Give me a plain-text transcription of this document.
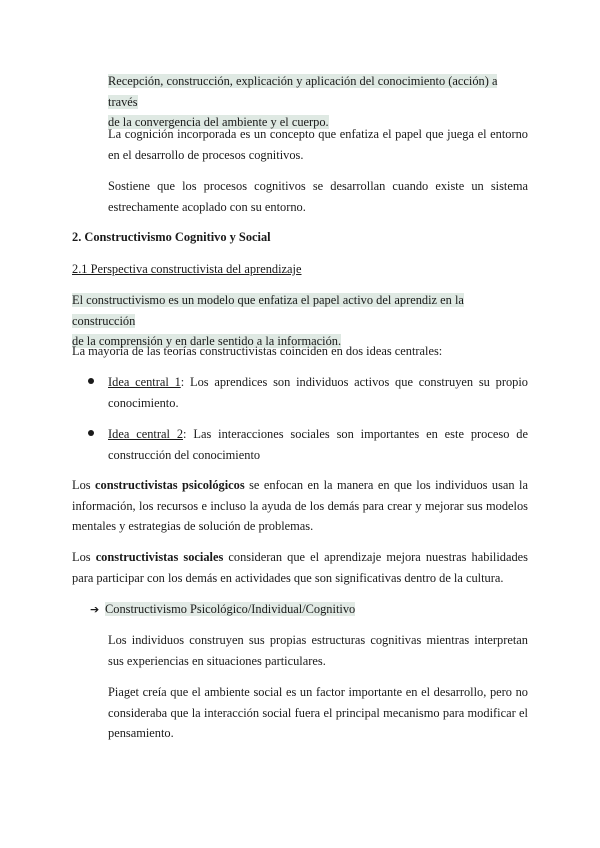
Recepción, construcción, explicación y aplicación del conocimiento (acción) a través
de la convergencia del ambiente y el cuerpo.

La cognición incorporada es un concepto que enfatiza el papel que juega el entorno en el desarrollo de procesos cognitivos.

Sostiene que los procesos cognitivos se desarrollan cuando existe un sistema estrechamente acoplado con su entorno.

2. Constructivismo Cognitivo y Social

2.1 Perspectiva constructivista del aprendizaje

El constructivismo es un modelo que enfatiza el papel activo del aprendiz en la construcción
de la comprensión y en darle sentido a la información.

La mayoría de las teorías constructivistas coinciden en dos ideas centrales:

Idea central 1: Los aprendices son individuos activos que construyen su propio conocimiento.

Idea central 2: Las interacciones sociales son importantes en este proceso de construcción del conocimiento

Los constructivistas psicológicos se enfocan en la manera en que los individuos usan la información, los recursos e incluso la ayuda de los demás para crear y mejorar sus modelos mentales y estrategias de solución de problemas.

Los constructivistas sociales consideran que el aprendizaje mejora nuestras habilidades para participar con los demás en actividades que son significativas dentro de la cultura.

➔ Constructivismo Psicológico/Individual/Cognitivo

Los individuos construyen sus propias estructuras cognitivas mientras interpretan sus experiencias en situaciones particulares.

Piaget creía que el ambiente social es un factor importante en el desarrollo, pero no consideraba que la interacción social fuera el principal mecanismo para modificar el pensamiento.
